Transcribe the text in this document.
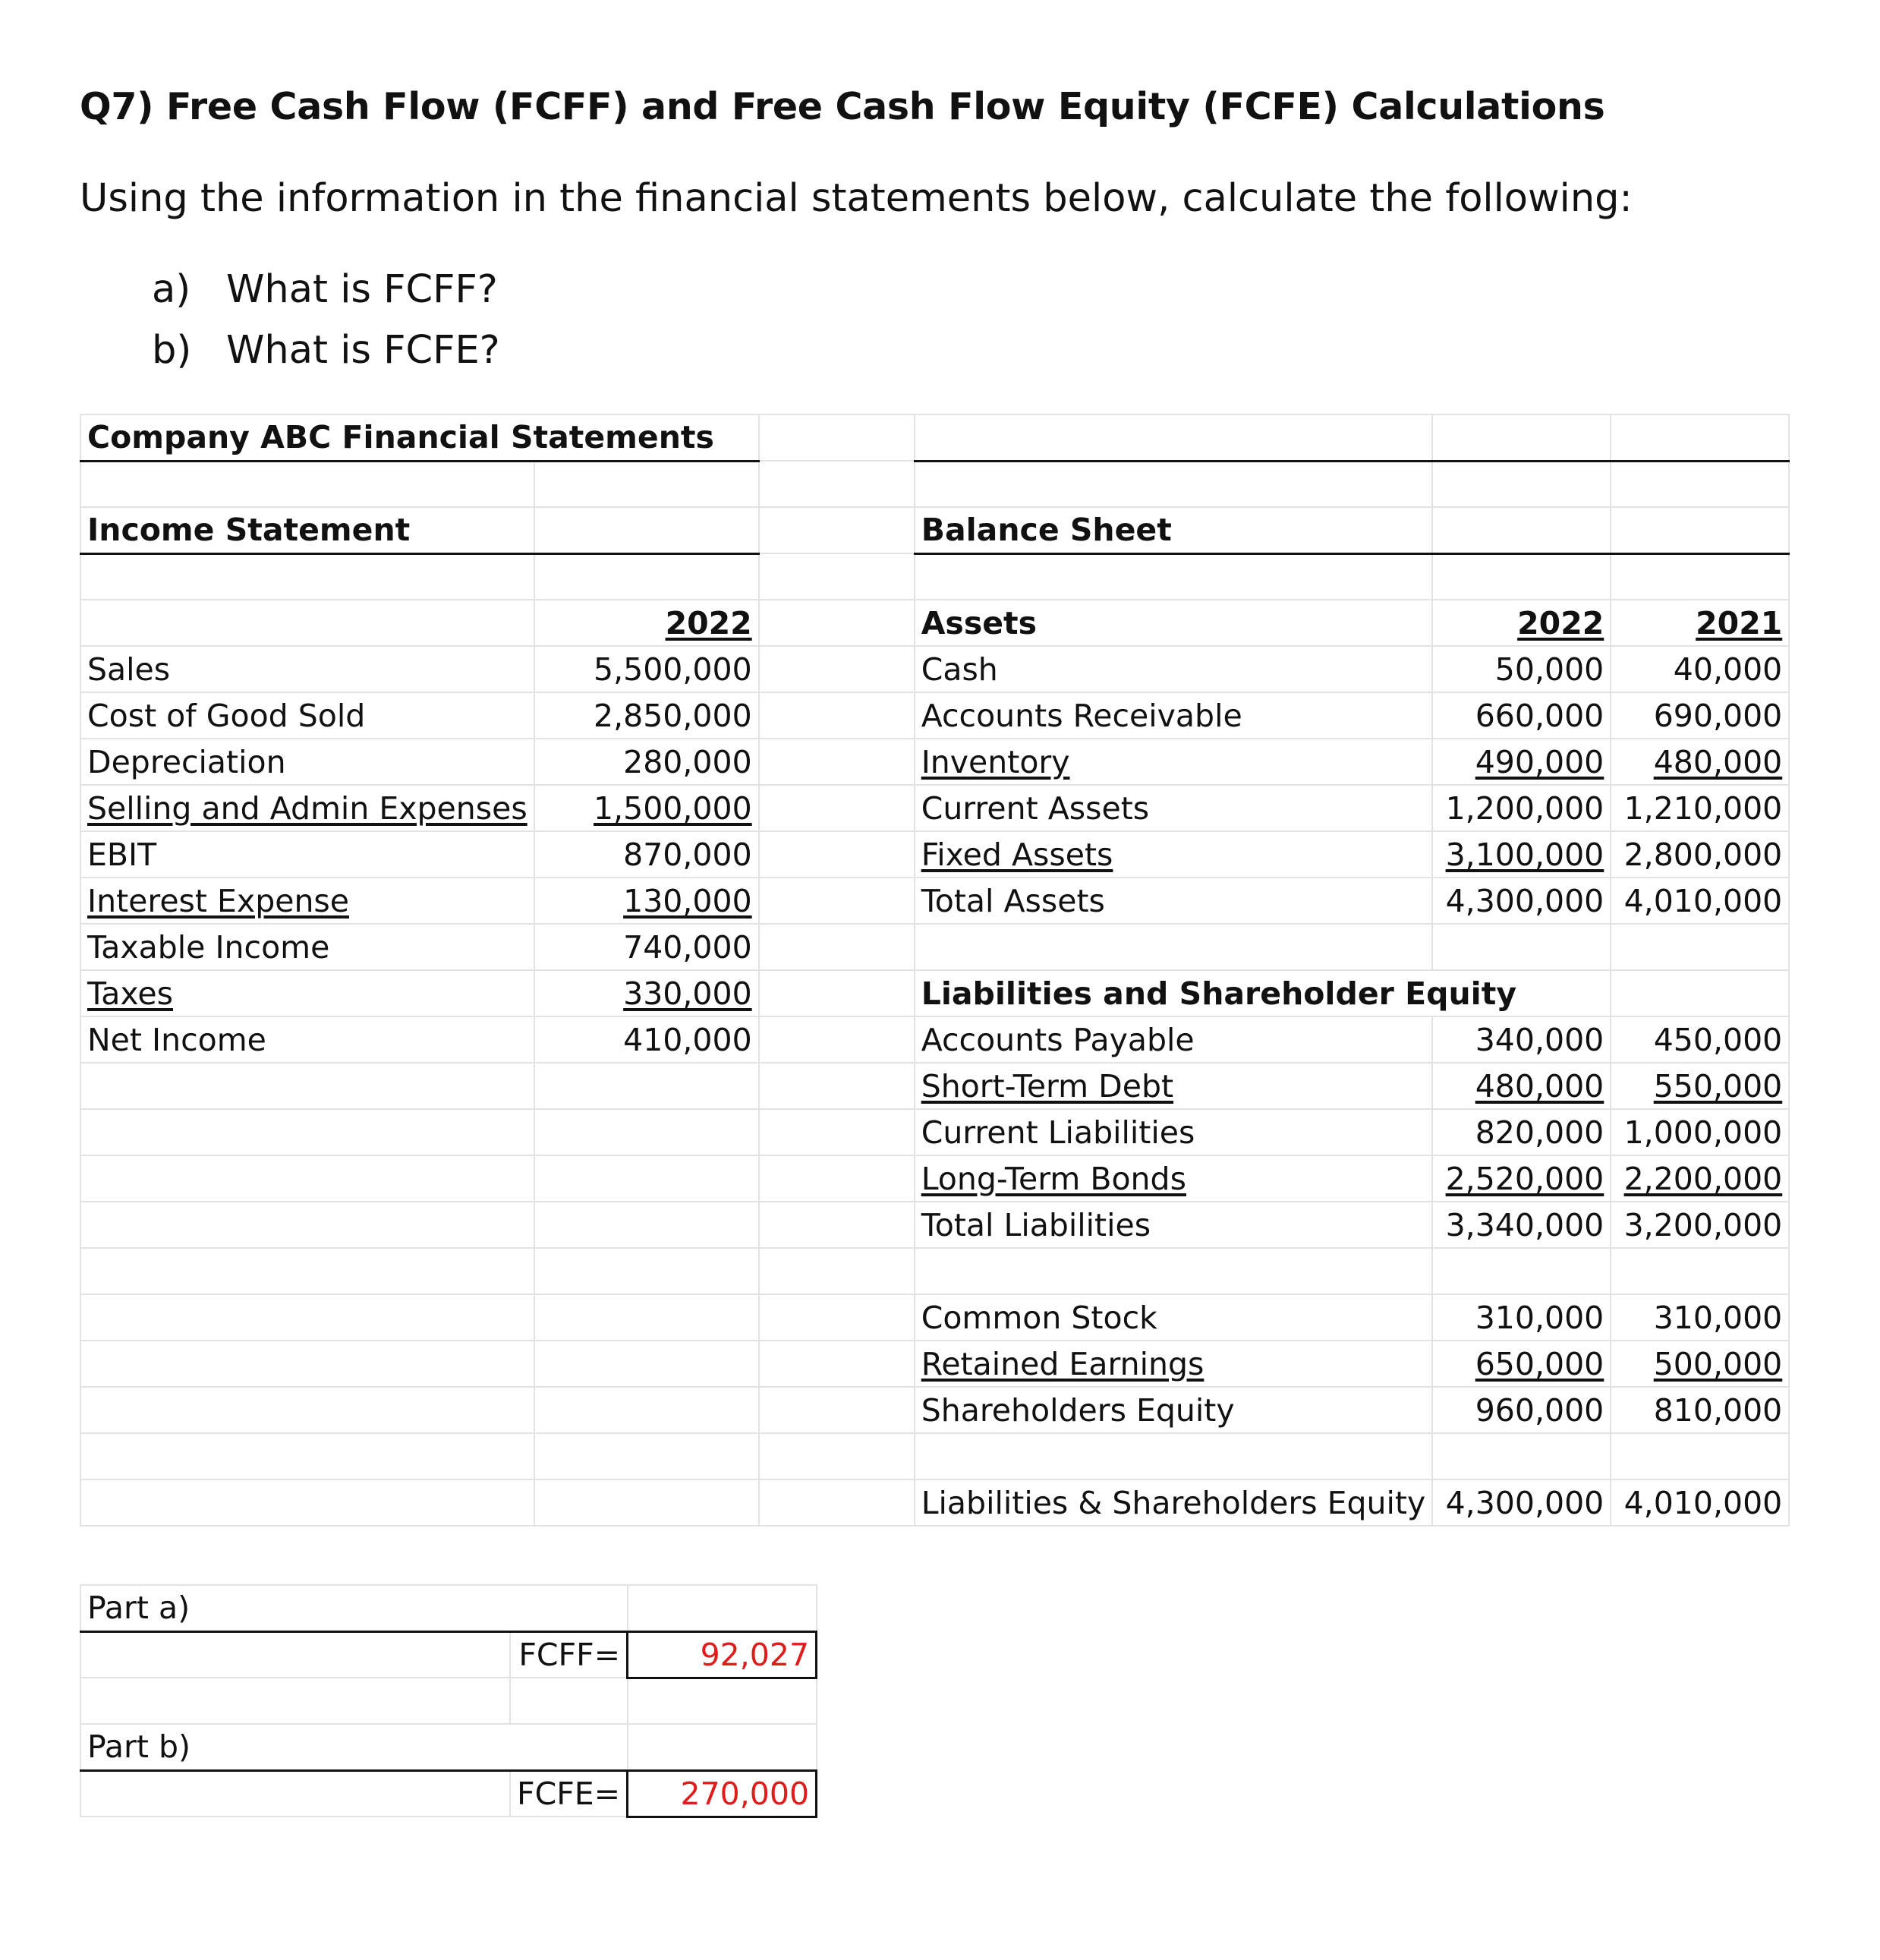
Q7) Free Cash Flow (FCFF) and Free Cash Flow Equity (FCFE) Calculations
Using the information in the financial statements below, calculate the following:
a) What is FCFF?
b) What is FCFE?
Company ABC Financial Statements					

Income Statement			Balance Sheet		

	2022		Assets	2022	2021
Sales	5,500,000		Cash	50,000	40,000
Cost of Good Sold	2,850,000		Accounts Receivable	660,000	690,000
Depreciation	280,000		Inventory	490,000	480,000
Selling and Admin Expenses	1,500,000		Current Assets	1,200,000	1,210,000
EBIT	870,000		Fixed Assets	3,100,000	2,800,000
Interest Expense	130,000		Total Assets	4,300,000	4,010,000
Taxable Income	740,000				
Taxes	330,000		Liabilities and Shareholder Equity		
Net Income	410,000		Accounts Payable	340,000	450,000
			Short-Term Debt	480,000	550,000
			Current Liabilities	820,000	1,000,000
			Long-Term Bonds	2,520,000	2,200,000
			Total Liabilities	3,340,000	3,200,000

			Common Stock	310,000	310,000
			Retained Earnings	650,000	500,000
			Shareholders Equity	960,000	810,000

			Liabilities & Shareholders Equity	4,300,000	4,010,000
Part a)		
	FCFF=	92,027

Part b)		
	FCFE=	270,000
